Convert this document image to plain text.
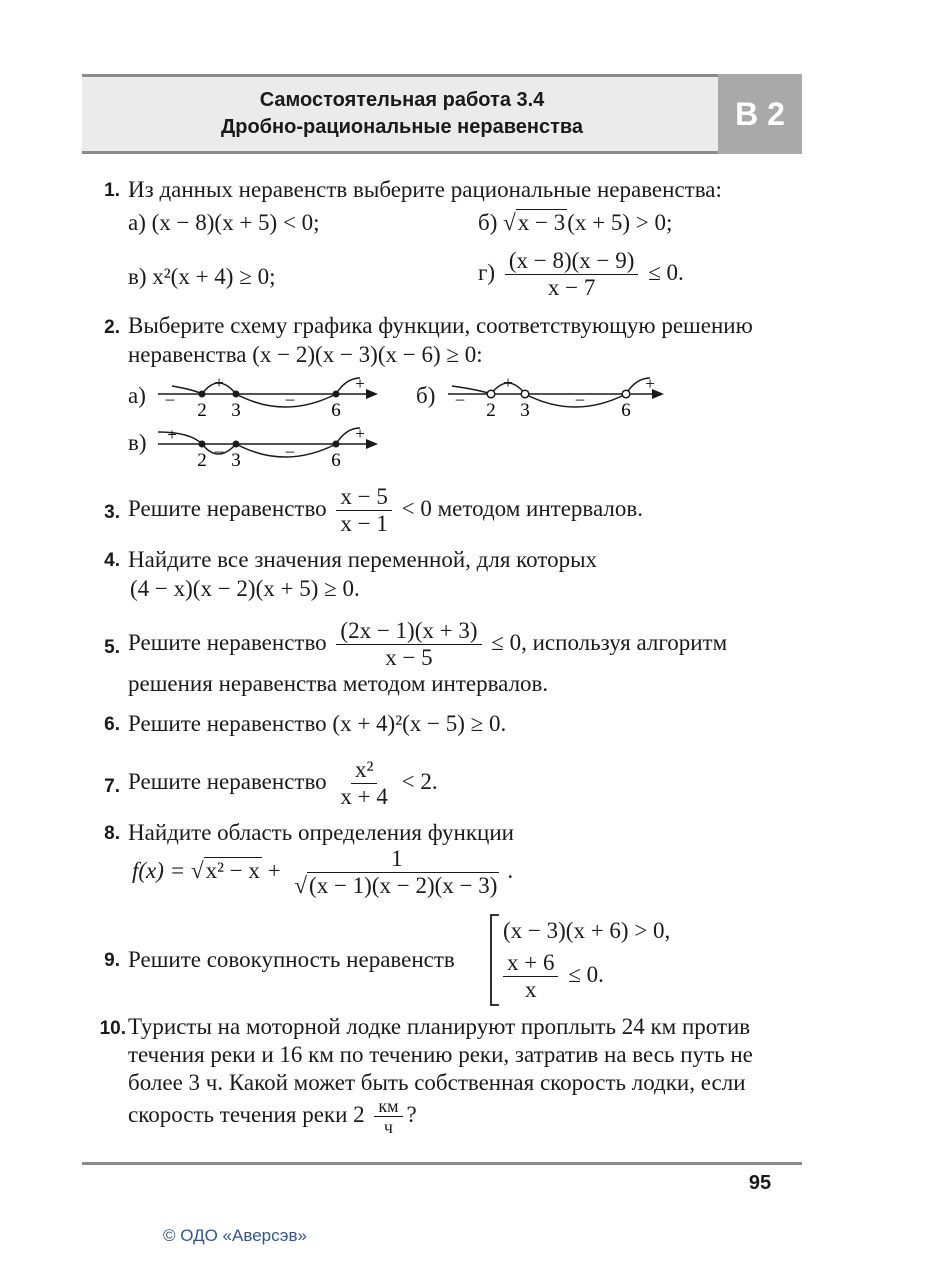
Самостоятельная работа 3.4
Дробно-рациональные неравенства	В 2
1. Из данных неравенств выберите рациональные неравенства:
а) (x − 8)(x + 5) < 0;	б) √x − 3(x + 5) > 0;
в) x²(x + 4) ≥ 0;	$г) \frac{(x - 8)(x - 9)}{x - 7} \le 0$.
2. Выберите схему графика функции, соответствующую решению
неравенства (x − 2)(x − 3)(x − 6) ≥ 0:
а)
2 3	6
–
+
–
+ б)
2 3	6
–
+
–
+
в)
2 3	6
+
–	–
+
3. Решите неравенство $\frac{x - 5}{x - 1} < 0$ методом интервалов.
4. Найдите все значения переменной, для которых
(4 − x)(x − 2)(x + 5) ≥ 0.
5. Решите неравенство $\frac{(2x - 1)(x + 3)}{x - 5} \le 0$, используя алгоритм
решения неравенства методом интервалов.
6. Решите неравенство (x + 4)²(x − 5) ≥ 0.
7. Решите неравенство $\frac{\text{x²}}{x + 4} < 2$.
8. Найдите область определения функции
$f(x) = √x^2 - x + \frac{1}{√(x - 1)(x - 2)(x - 3)}$ .
9. Решите совокупность неравенств
(x − 3)(x + 6) > 0,
$\frac{x + 6}{x} \le 0$.
10. Туристы на моторной лодке планируют проплыть 24 км против
течения реки и 16 км по течению реки, затратив на весь путь не
более 3 ч. Какой может быть собственная скорость лодки, если
скорость течения реки $2 \frac{км}{ч}$ ?
95
© ОДО «Аверсэв»
